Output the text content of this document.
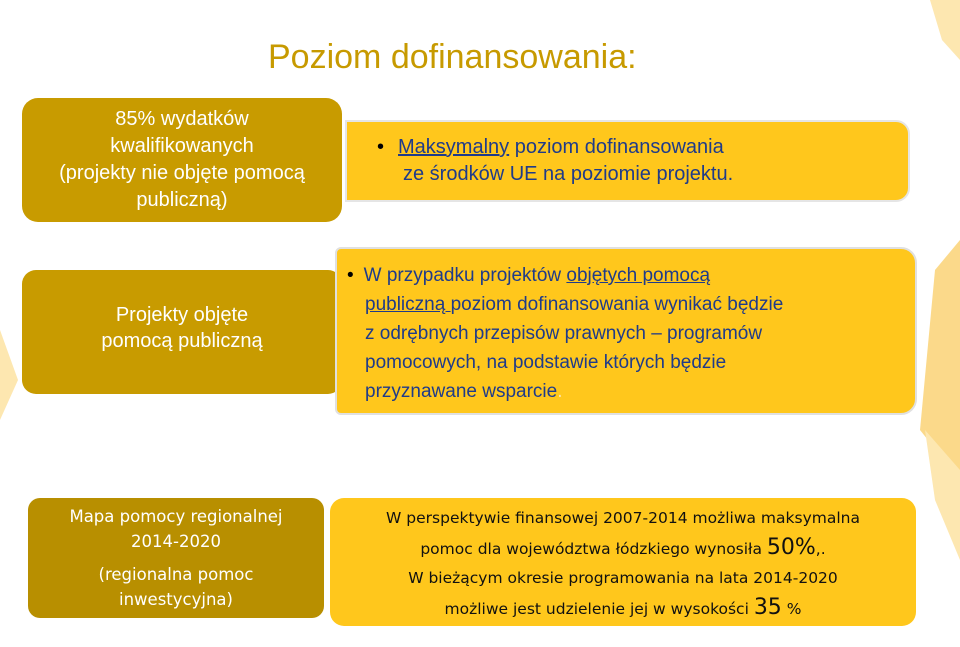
Poziom dofinansowania:
85% wydatków
kwalifikowanych
(projekty nie objęte pomocą
publiczną)
• Maksymalny poziom dofinansowania
ze środków UE na poziomie projektu.
Projekty objęte
pomocą publiczną
• W przypadku projektów objętych pomocą
publiczną poziom dofinansowania wynikać będzie
z odrębnych przepisów prawnych – programów
pomocowych, na podstawie których będzie
przyznawane wsparcie.
Mapa pomocy regionalnej
2014-2020
(regionalna pomoc
inwestycyjna)
W perspektywie finansowej 2007-2014 możliwa maksymalna
pomoc dla województwa łódzkiego wynosiła 50%,.
W bieżącym okresie programowania na lata 2014-2020
możliwe jest udzielenie jej w wysokości 35 %
